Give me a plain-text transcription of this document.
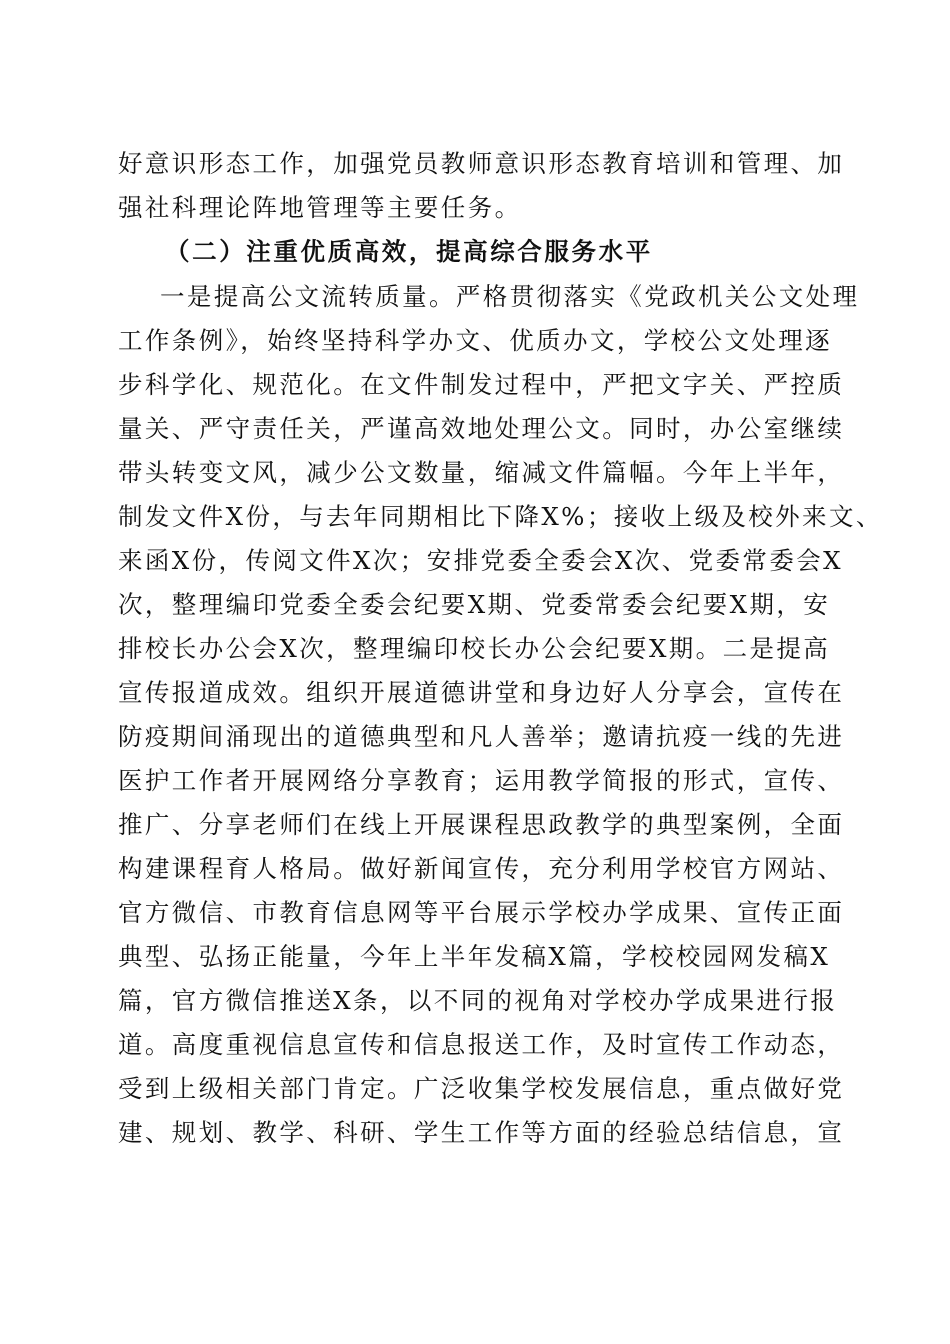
好意识形态工作，加强党员教师意识形态教育培训和管理、加

强社科理论阵地管理等主要任务。

（二）注重优质高效，提高综合服务水平

一是提高公文流转质量。严格贯彻落实《党政机关公文处理

工作条例》，始终坚持科学办文、优质办文，学校公文处理逐

步科学化、规范化。在文件制发过程中，严把文字关、严控质

量关、严守责任关，严谨高效地处理公文。同时，办公室继续

带头转变文风，减少公文数量，缩减文件篇幅。今年上半年，

制发文件X份，与去年同期相比下降X%；接收上级及校外来文、

来函X份，传阅文件X次；安排党委全委会X次、党委常委会X

次，整理编印党委全委会纪要X期、党委常委会纪要X期，安

排校长办公会X次，整理编印校长办公会纪要X期。二是提高

宣传报道成效。组织开展道德讲堂和身边好人分享会，宣传在

防疫期间涌现出的道德典型和凡人善举；邀请抗疫一线的先进

医护工作者开展网络分享教育；运用教学简报的形式，宣传、

推广、分享老师们在线上开展课程思政教学的典型案例，全面

构建课程育人格局。做好新闻宣传，充分利用学校官方网站、

官方微信、市教育信息网等平台展示学校办学成果、宣传正面

典型、弘扬正能量，今年上半年发稿X篇，学校校园网发稿X

篇，官方微信推送X条，以不同的视角对学校办学成果进行报

道。高度重视信息宣传和信息报送工作，及时宣传工作动态，

受到上级相关部门肯定。广泛收集学校发展信息，重点做好党

建、规划、教学、科研、学生工作等方面的经验总结信息，宣
